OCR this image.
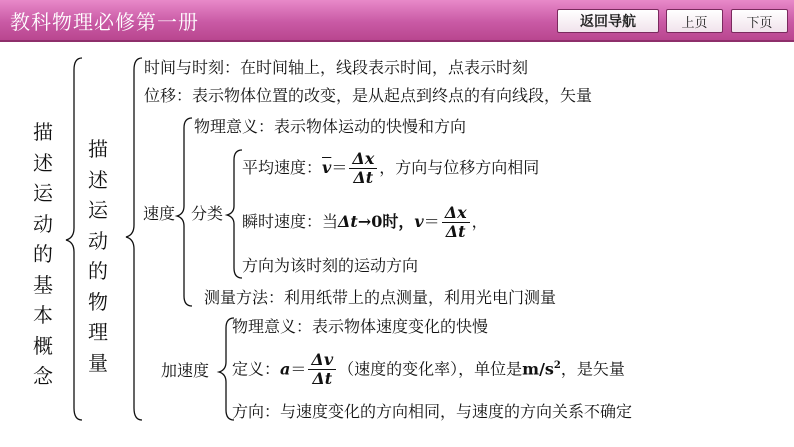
教科物理必修第一册	返回导航	上页	下页
描
述
运
动
的
基
本
概
念
描
述
运
动
的
物
理
量
时间与时刻：在时间轴上，线段表示时间，点表示时刻
位移：表示物体位置的改变，是从起点到终点的有向线段，矢量
速度
物理意义：表示物体运动的快慢和方向
分类
平均速度：$\overline{v}= \frac{\Delta x}{\Delta t}$ ，方向与位移方向相同
瞬时速度：当Δt→0时，$v= \frac{\Delta x}{\Delta t}$ ，
方向为该时刻的运动方向
测量方法：利用纸带上的点测量，利用光电门测量
加速度
物理意义：表示物体速度变化的快慢
定义：$a= \frac{\Delta v}{\Delta t}$ （速度的变化率），单位是$m/s^2$，是矢量
方向：与速度变化的方向相同，与速度的方向关系不确定
